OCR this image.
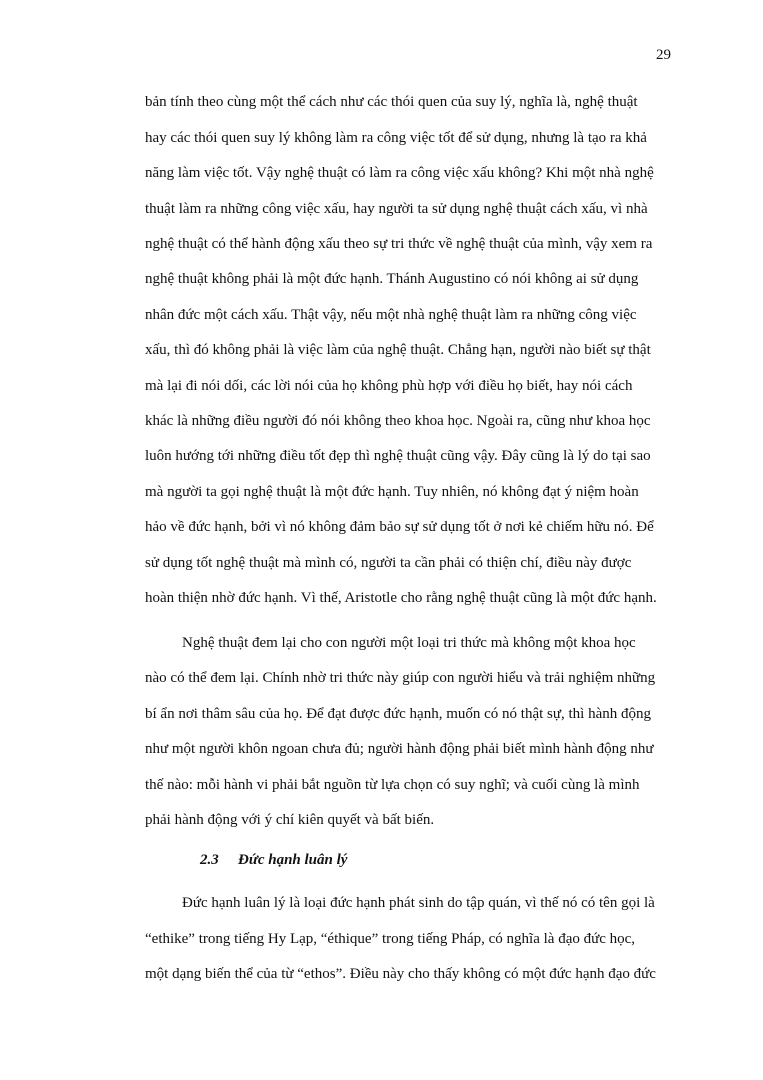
29
bản tính theo cùng một thể cách như các thói quen của suy lý, nghĩa là, nghệ thuật
hay các thói quen suy lý không làm ra công việc tốt để sử dụng, nhưng là tạo ra khả
năng làm việc tốt. Vậy nghệ thuật có làm ra công việc xấu không? Khi một nhà nghệ
thuật làm ra những công việc xấu, hay người ta sử dụng nghệ thuật cách xấu, vì nhà
nghệ thuật có thể hành động xấu theo sự tri thức về nghệ thuật của mình, vậy xem ra
nghệ thuật không phải là một đức hạnh. Thánh Augustino có nói không ai sử dụng
nhân đức một cách xấu. Thật vậy, nếu một nhà nghệ thuật làm ra những công việc
xấu, thì đó không phải là việc làm của nghệ thuật. Chẳng hạn, người nào biết sự thật
mà lại đi nói dối, các lời nói của họ không phù hợp với điều họ biết, hay nói cách
khác là những điều người đó nói không theo khoa học. Ngoài ra, cũng như khoa học
luôn hướng tới những điều tốt đẹp thì nghệ thuật cũng vậy. Đây cũng là lý do tại sao
mà người ta gọi nghệ thuật là một đức hạnh. Tuy nhiên, nó không đạt ý niệm hoàn
hảo về đức hạnh, bởi vì nó không đảm bảo sự sử dụng tốt ở nơi kẻ chiếm hữu nó. Để
sử dụng tốt nghệ thuật mà mình có, người ta cần phải có thiện chí, điều này được
hoàn thiện nhờ đức hạnh. Vì thế, Aristotle cho rằng nghệ thuật cũng là một đức hạnh.
Nghệ thuật đem lại cho con người một loại tri thức mà không một khoa học
nào có thể đem lại. Chính nhờ tri thức này giúp con người hiểu và trải nghiệm những
bí ẩn nơi thâm sâu của họ. Để đạt được đức hạnh, muốn có nó thật sự, thì hành động
như một người khôn ngoan chưa đủ; người hành động phải biết mình hành động như
thế nào: mỗi hành vi phải bắt nguồn từ lựa chọn có suy nghĩ; và cuối cùng là mình
phải hành động với ý chí kiên quyết và bất biến.
2.3 Đức hạnh luân lý
Đức hạnh luân lý là loại đức hạnh phát sinh do tập quán, vì thế nó có tên gọi là
“ethike” trong tiếng Hy Lạp, “éthique” trong tiếng Pháp, có nghĩa là đạo đức học,
một dạng biến thể của từ “ethos”. Điều này cho thấy không có một đức hạnh đạo đức
